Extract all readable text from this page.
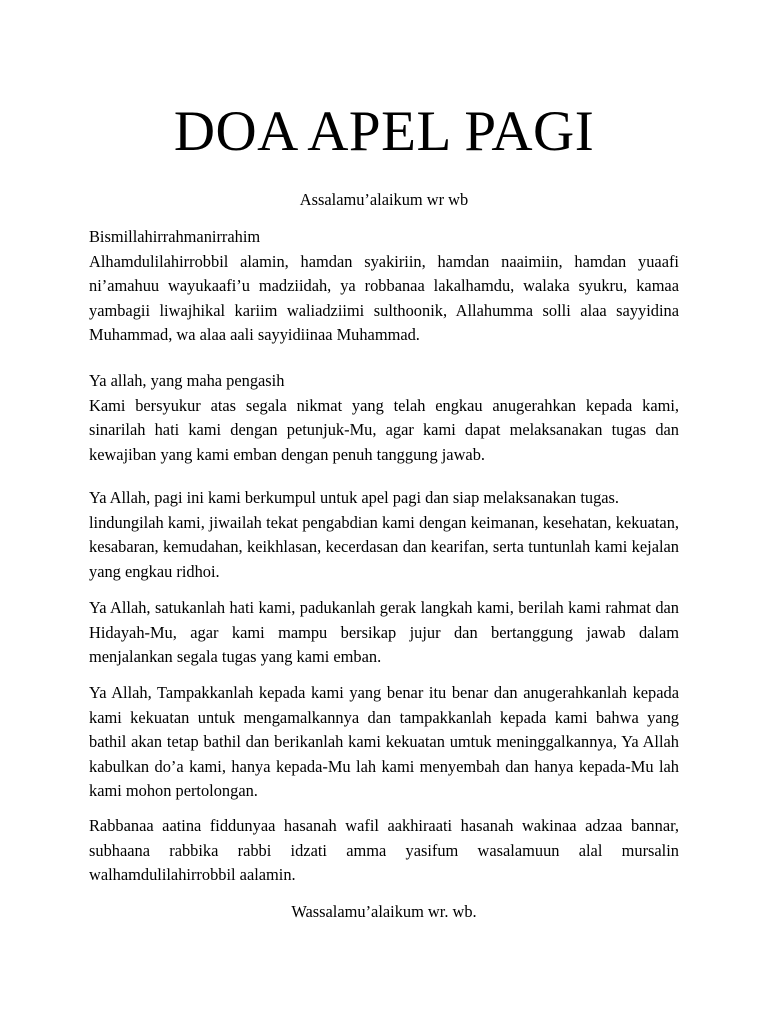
DOA APEL PAGI

Assalamu’alaikum wr wb

Bismillahirrahmanirrahim
Alhamdulilahirrobbil alamin, hamdan syakiriin, hamdan naaimiin, hamdan yuaafi ni’amahuu wayukaafi’u madziidah, ya robbanaa lakalhamdu, walaka syukru, kamaa yambagii liwajhikal kariim waliadziimi sulthoonik, Allahumma solli alaa sayyidina Muhammad, wa alaa aali sayyidiinaa Muhammad.

Ya allah, yang maha pengasih
Kami bersyukur atas segala nikmat yang telah engkau anugerahkan kepada kami, sinarilah hati kami dengan petunjuk-Mu, agar kami dapat melaksanakan tugas dan kewajiban yang kami emban dengan penuh tanggung jawab.

Ya Allah, pagi ini kami berkumpul untuk apel pagi dan siap melaksanakan tugas.
lindungilah kami, jiwailah tekat pengabdian kami dengan keimanan, kesehatan, kekuatan, kesabaran, kemudahan, keikhlasan, kecerdasan dan kearifan, serta tuntunlah kami kejalan yang engkau ridhoi.

Ya Allah, satukanlah hati kami, padukanlah gerak langkah kami, berilah kami rahmat dan Hidayah-Mu, agar kami mampu bersikap jujur dan bertanggung jawab dalam menjalankan segala tugas yang kami emban.

Ya Allah, Tampakkanlah kepada kami yang benar itu benar dan anugerahkanlah kepada kami kekuatan untuk mengamalkannya dan tampakkanlah kepada kami bahwa yang bathil akan tetap bathil dan berikanlah kami kekuatan umtuk meninggalkannya, Ya Allah kabulkan do’a kami, hanya kepada-Mu lah kami menyembah dan hanya kepada-Mu lah kami mohon pertolongan.

Rabbanaa aatina fiddunyaa hasanah wafil aakhiraati hasanah wakinaa adzaa bannar, subhaana rabbika rabbi idzati amma yasifum wasalamuun alal mursalin walhamdulilahirrobbil aalamin.

Wassalamu’alaikum wr. wb.
